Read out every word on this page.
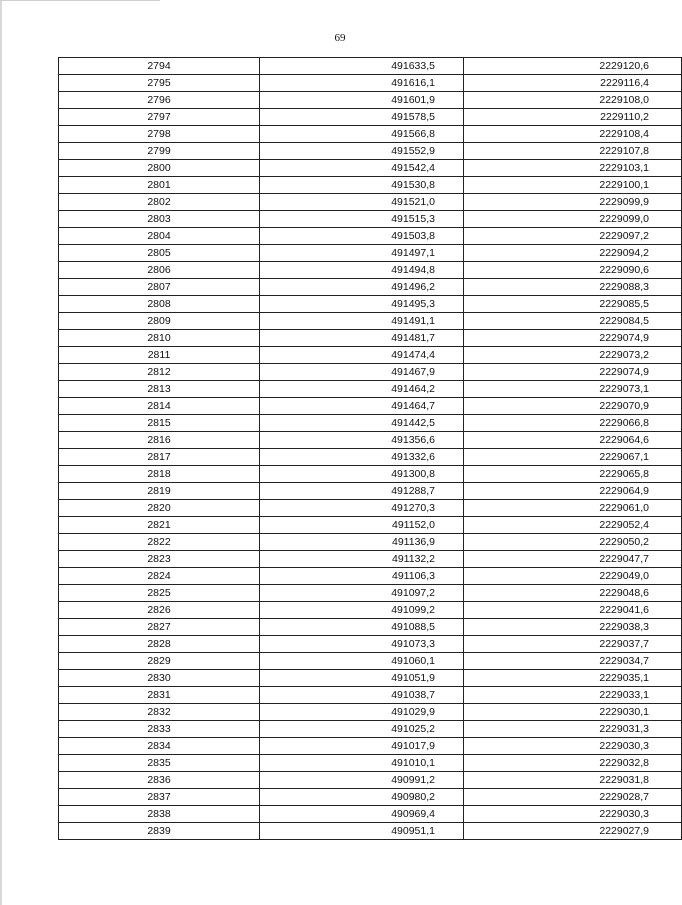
69
2794	491633,5	2229120,6
2795	491616,1	2229116,4
2796	491601,9	2229108,0
2797	491578,5	2229110,2
2798	491566,8	2229108,4
2799	491552,9	2229107,8
2800	491542,4	2229103,1
2801	491530,8	2229100,1
2802	491521,0	2229099,9
2803	491515,3	2229099,0
2804	491503,8	2229097,2
2805	491497,1	2229094,2
2806	491494,8	2229090,6
2807	491496,2	2229088,3
2808	491495,3	2229085,5
2809	491491,1	2229084,5
2810	491481,7	2229074,9
2811	491474,4	2229073,2
2812	491467,9	2229074,9
2813	491464,2	2229073,1
2814	491464,7	2229070,9
2815	491442,5	2229066,8
2816	491356,6	2229064,6
2817	491332,6	2229067,1
2818	491300,8	2229065,8
2819	491288,7	2229064,9
2820	491270,3	2229061,0
2821	491152,0	2229052,4
2822	491136,9	2229050,2
2823	491132,2	2229047,7
2824	491106,3	2229049,0
2825	491097,2	2229048,6
2826	491099,2	2229041,6
2827	491088,5	2229038,3
2828	491073,3	2229037,7
2829	491060,1	2229034,7
2830	491051,9	2229035,1
2831	491038,7	2229033,1
2832	491029,9	2229030,1
2833	491025,2	2229031,3
2834	491017,9	2229030,3
2835	491010,1	2229032,8
2836	490991,2	2229031,8
2837	490980,2	2229028,7
2838	490969,4	2229030,3
2839	490951,1	2229027,9
